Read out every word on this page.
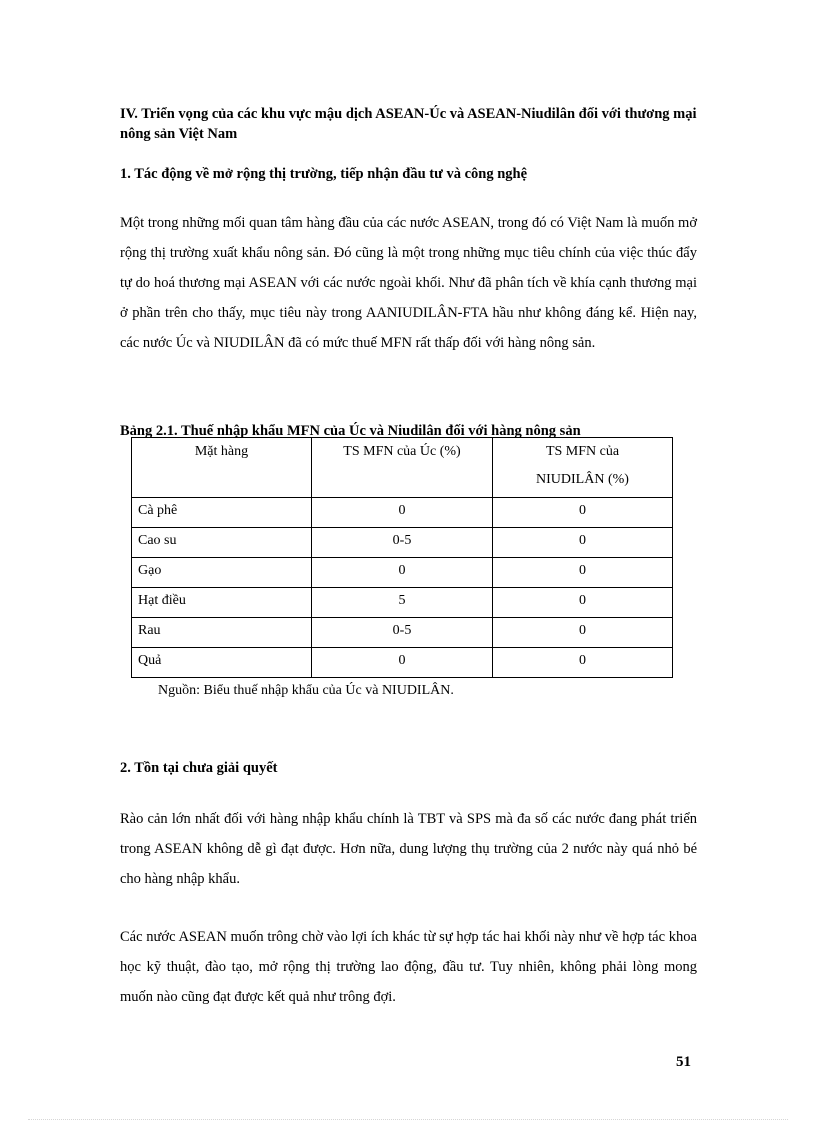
IV. Triển vọng của các khu vực mậu dịch ASEAN-Úc và ASEAN-Niudilân đối với thương mại nông sản Việt Nam
1. Tác động về mở rộng thị trường, tiếp nhận đầu tư và công nghệ
Một trong những mối quan tâm hàng đầu của các nước ASEAN, trong đó có Việt Nam là muốn mở rộng thị trường xuất khẩu nông sản. Đó cũng là một trong những mục tiêu chính của việc thúc đẩy tự do hoá thương mại ASEAN với các nước ngoài khối. Như đã phân tích về khía cạnh thương mại ở phần trên cho thấy, mục tiêu này trong AANIUDILÂN-FTA hầu như không đáng kể. Hiện nay, các nước Úc và NIUDILÂN đã có mức thuế MFN rất thấp đối với hàng nông sản.
Bảng 2.1. Thuế nhập khẩu MFN của Úc và Niudilân đối với hàng nông sản
Mặt hàng	TS MFN của Úc (%)	TS MFN của
NIUDILÂN (%)

Cà phê	0	0
Cao su	0-5	0
Gạo	0	0
Hạt điều	5	0
Rau	0-5	0
Quả	0	0
Nguồn: Biểu thuế nhập khẩu của Úc và NIUDILÂN.
2. Tồn tại chưa giải quyết
Rào cản lớn nhất đối với hàng nhập khẩu chính là TBT và SPS mà đa số các nước đang phát triển trong ASEAN không dễ gì đạt được. Hơn nữa, dung lượng thụ trường của 2 nước này quá nhỏ bé cho hàng nhập khẩu.
Các nước ASEAN muốn trông chờ vào lợi ích khác từ sự hợp tác hai khối này như về hợp tác khoa học kỹ thuật, đào tạo, mở rộng thị trường lao động, đầu tư. Tuy nhiên, không phải lòng mong muốn nào cũng đạt được kết quả như trông đợi.
51
